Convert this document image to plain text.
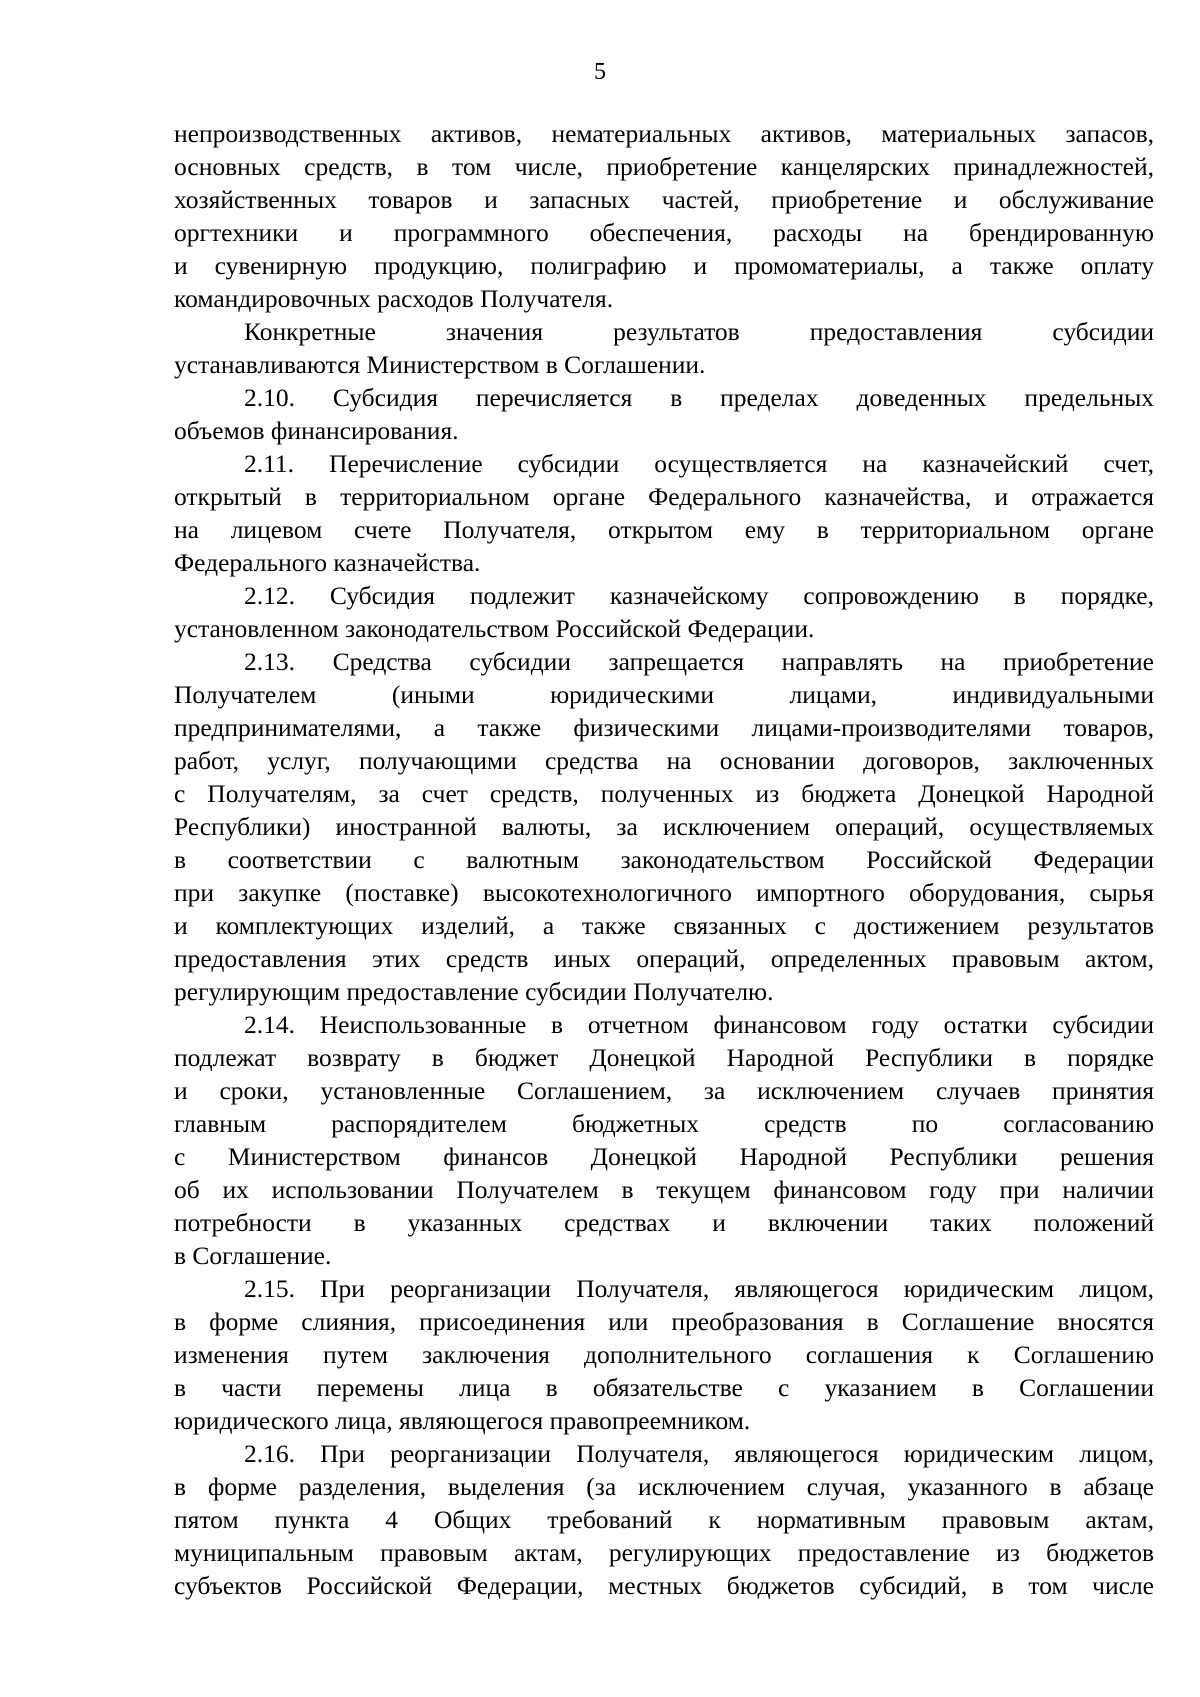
5
непроизводственных активов, нематериальных активов, материальных запасов,
основных средств, в том числе, приобретение канцелярских принадлежностей,
хозяйственных товаров и запасных частей, приобретение и обслуживание
оргтехники и программного обеспечения, расходы на брендированную
и сувенирную продукцию, полиграфию и промоматериалы, а также оплату
командировочных расходов Получателя.
Конкретные значения результатов предоставления субсидии
устанавливаются Министерством в Соглашении.
2.10. Субсидия перечисляется в пределах доведенных предельных
объемов финансирования.
2.11. Перечисление субсидии осуществляется на казначейский счет,
открытый в территориальном органе Федерального казначейства, и отражается
на лицевом счете Получателя, открытом ему в территориальном органе
Федерального казначейства.
2.12. Субсидия подлежит казначейскому сопровождению в порядке,
установленном законодательством Российской Федерации.
2.13. Средства субсидии запрещается направлять на приобретение
Получателем (иными юридическими лицами, индивидуальными
предпринимателями, а также физическими лицами-производителями товаров,
работ, услуг, получающими средства на основании договоров, заключенных
с Получателям, за счет средств, полученных из бюджета Донецкой Народной
Республики) иностранной валюты, за исключением операций, осуществляемых
в соответствии с валютным законодательством Российской Федерации
при закупке (поставке) высокотехнологичного импортного оборудования, сырья
и комплектующих изделий, а также связанных с достижением результатов
предоставления этих средств иных операций, определенных правовым актом,
регулирующим предоставление субсидии Получателю.
2.14. Неиспользованные в отчетном финансовом году остатки субсидии
подлежат возврату в бюджет Донецкой Народной Республики в порядке
и сроки, установленные Соглашением, за исключением случаев принятия
главным распорядителем бюджетных средств по согласованию
с Министерством финансов Донецкой Народной Республики решения
об их использовании Получателем в текущем финансовом году при наличии
потребности в указанных средствах и включении таких положений
в Соглашение.
2.15. При реорганизации Получателя, являющегося юридическим лицом,
в форме слияния, присоединения или преобразования в Соглашение вносятся
изменения путем заключения дополнительного соглашения к Соглашению
в части перемены лица в обязательстве с указанием в Соглашении
юридического лица, являющегося правопреемником.
2.16. При реорганизации Получателя, являющегося юридическим лицом,
в форме разделения, выделения (за исключением случая, указанного в абзаце
пятом пункта 4 Общих требований к нормативным правовым актам,
муниципальным правовым актам, регулирующих предоставление из бюджетов
субъектов Российской Федерации, местных бюджетов субсидий, в том числе
